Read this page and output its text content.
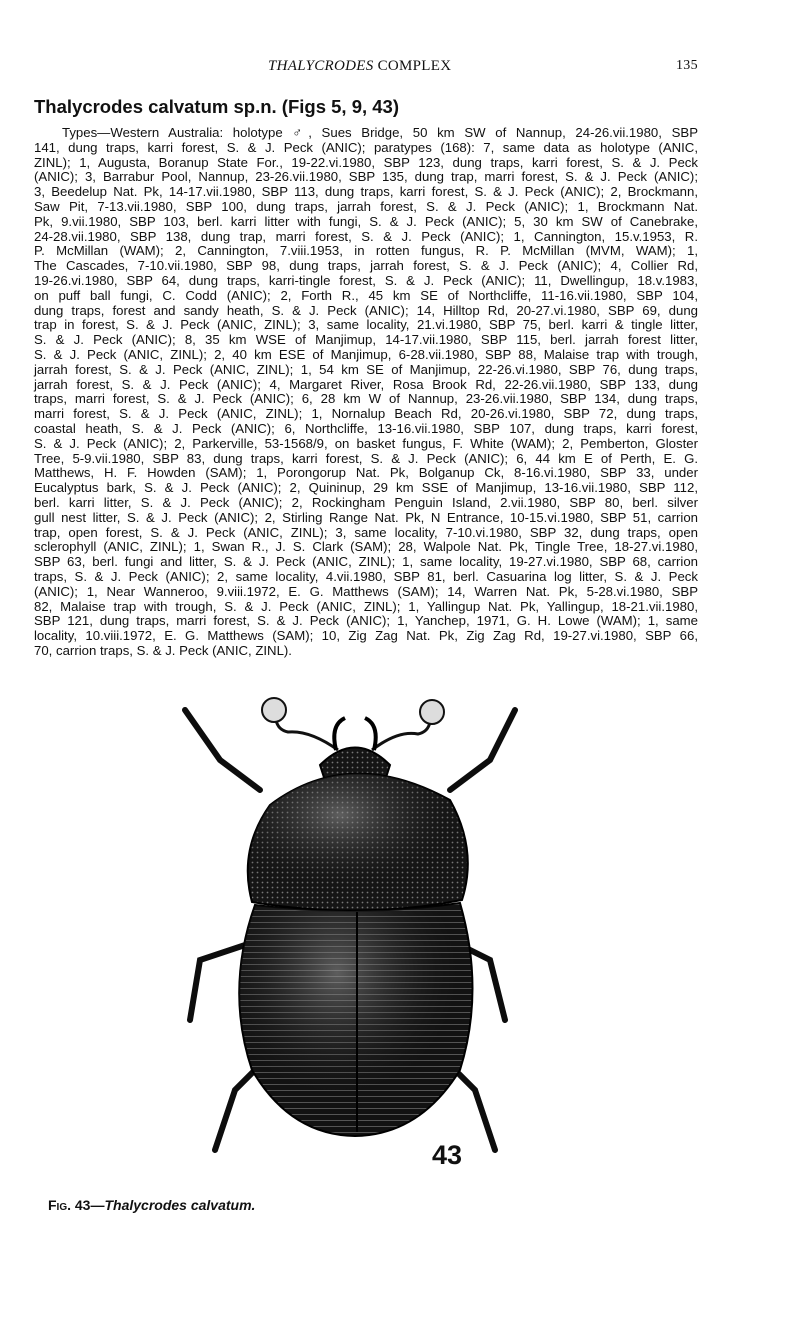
THALYCRODES COMPLEX	135
Thalycrodes calvatum sp.n. (Figs 5, 9, 43)
Types—Western Australia: holotype ♂, Sues Bridge, 50 km SW of Nannup, 24-26.vii.1980, SBP
141, dung traps, karri forest, S. & J. Peck (ANIC); paratypes (168): 7, same data as holotype (ANIC,
ZINL); 1, Augusta, Boranup State For., 19-22.vi.1980, SBP 123, dung traps, karri forest, S. & J. Peck
(ANIC); 3, Barrabur Pool, Nannup, 23-26.vii.1980, SBP 135, dung trap, marri forest, S. & J. Peck (ANIC);
3, Beedelup Nat. Pk, 14-17.vii.1980, SBP 113, dung traps, karri forest, S. & J. Peck (ANIC); 2, Brockmann,
Saw Pit, 7-13.vii.1980, SBP 100, dung traps, jarrah forest, S. & J. Peck (ANIC); 1, Brockmann Nat.
Pk, 9.vii.1980, SBP 103, berl. karri litter with fungi, S. & J. Peck (ANIC); 5, 30 km SW of Canebrake,
24-28.vii.1980, SBP 138, dung trap, marri forest, S. & J. Peck (ANIC); 1, Cannington, 15.v.1953, R.
P. McMillan (WAM); 2, Cannington, 7.viii.1953, in rotten fungus, R. P. McMillan (MVM, WAM); 1,
The Cascades, 7-10.vii.1980, SBP 98, dung traps, jarrah forest, S. & J. Peck (ANIC); 4, Collier Rd,
19-26.vi.1980, SBP 64, dung traps, karri-tingle forest, S. & J. Peck (ANIC); 11, Dwellingup, 18.v.1983,
on puff ball fungi, C. Codd (ANIC); 2, Forth R., 45 km SE of Northcliffe, 11-16.vii.1980, SBP 104,
dung traps, forest and sandy heath, S. & J. Peck (ANIC); 14, Hilltop Rd, 20-27.vi.1980, SBP 69, dung
trap in forest, S. & J. Peck (ANIC, ZINL); 3, same locality, 21.vi.1980, SBP 75, berl. karri & tingle litter,
S. & J. Peck (ANIC); 8, 35 km WSE of Manjimup, 14-17.vii.1980, SBP 115, berl. jarrah forest litter,
S. & J. Peck (ANIC, ZINL); 2, 40 km ESE of Manjimup, 6-28.vii.1980, SBP 88, Malaise trap with trough,
jarrah forest, S. & J. Peck (ANIC, ZINL); 1, 54 km SE of Manjimup, 22-26.vi.1980, SBP 76, dung traps,
jarrah forest, S. & J. Peck (ANIC); 4, Margaret River, Rosa Brook Rd, 22-26.vii.1980, SBP 133, dung
traps, marri forest, S. & J. Peck (ANIC); 6, 28 km W of Nannup, 23-26.vii.1980, SBP 134, dung traps,
marri forest, S. & J. Peck (ANIC, ZINL); 1, Nornalup Beach Rd, 20-26.vi.1980, SBP 72, dung traps,
coastal heath, S. & J. Peck (ANIC); 6, Northcliffe, 13-16.vii.1980, SBP 107, dung traps, karri forest,
S. & J. Peck (ANIC); 2, Parkerville, 53-1568/9, on basket fungus, F. White (WAM); 2, Pemberton, Gloster
Tree, 5-9.vii.1980, SBP 83, dung traps, karri forest, S. & J. Peck (ANIC); 6, 44 km E of Perth, E. G.
Matthews, H. F. Howden (SAM); 1, Porongorup Nat. Pk, Bolganup Ck, 8-16.vi.1980, SBP 33, under
Eucalyptus bark, S. & J. Peck (ANIC); 2, Quininup, 29 km SSE of Manjimup, 13-16.vii.1980, SBP 112,
berl. karri litter, S. & J. Peck (ANIC); 2, Rockingham Penguin Island, 2.vii.1980, SBP 80, berl. silver
gull nest litter, S. & J. Peck (ANIC); 2, Stirling Range Nat. Pk, N Entrance, 10-15.vi.1980, SBP 51, carrion
trap, open forest, S. & J. Peck (ANIC, ZINL); 3, same locality, 7-10.vi.1980, SBP 32, dung traps, open
sclerophyll (ANIC, ZINL); 1, Swan R., J. S. Clark (SAM); 28, Walpole Nat. Pk, Tingle Tree, 18-27.vi.1980,
SBP 63, berl. fungi and litter, S. & J. Peck (ANIC, ZINL); 1, same locality, 19-27.vi.1980, SBP 68, carrion
traps, S. & J. Peck (ANIC); 2, same locality, 4.vii.1980, SBP 81, berl. Casuarina log litter, S. & J. Peck
(ANIC); 1, Near Wanneroo, 9.viii.1972, E. G. Matthews (SAM); 14, Warren Nat. Pk, 5-28.vi.1980, SBP
82, Malaise trap with trough, S. & J. Peck (ANIC, ZINL); 1, Yallingup Nat. Pk, Yallingup, 18-21.vii.1980,
SBP 121, dung traps, marri forest, S. & J. Peck (ANIC); 1, Yanchep, 1971, G. H. Lowe (WAM); 1, same
locality, 10.viii.1972, E. G. Matthews (SAM); 10, Zig Zag Nat. Pk, Zig Zag Rd, 19-27.vi.1980, SBP 66,
70, carrion traps, S. & J. Peck (ANIC, ZINL).
43
Fig. 43—Thalycrodes calvatum.
